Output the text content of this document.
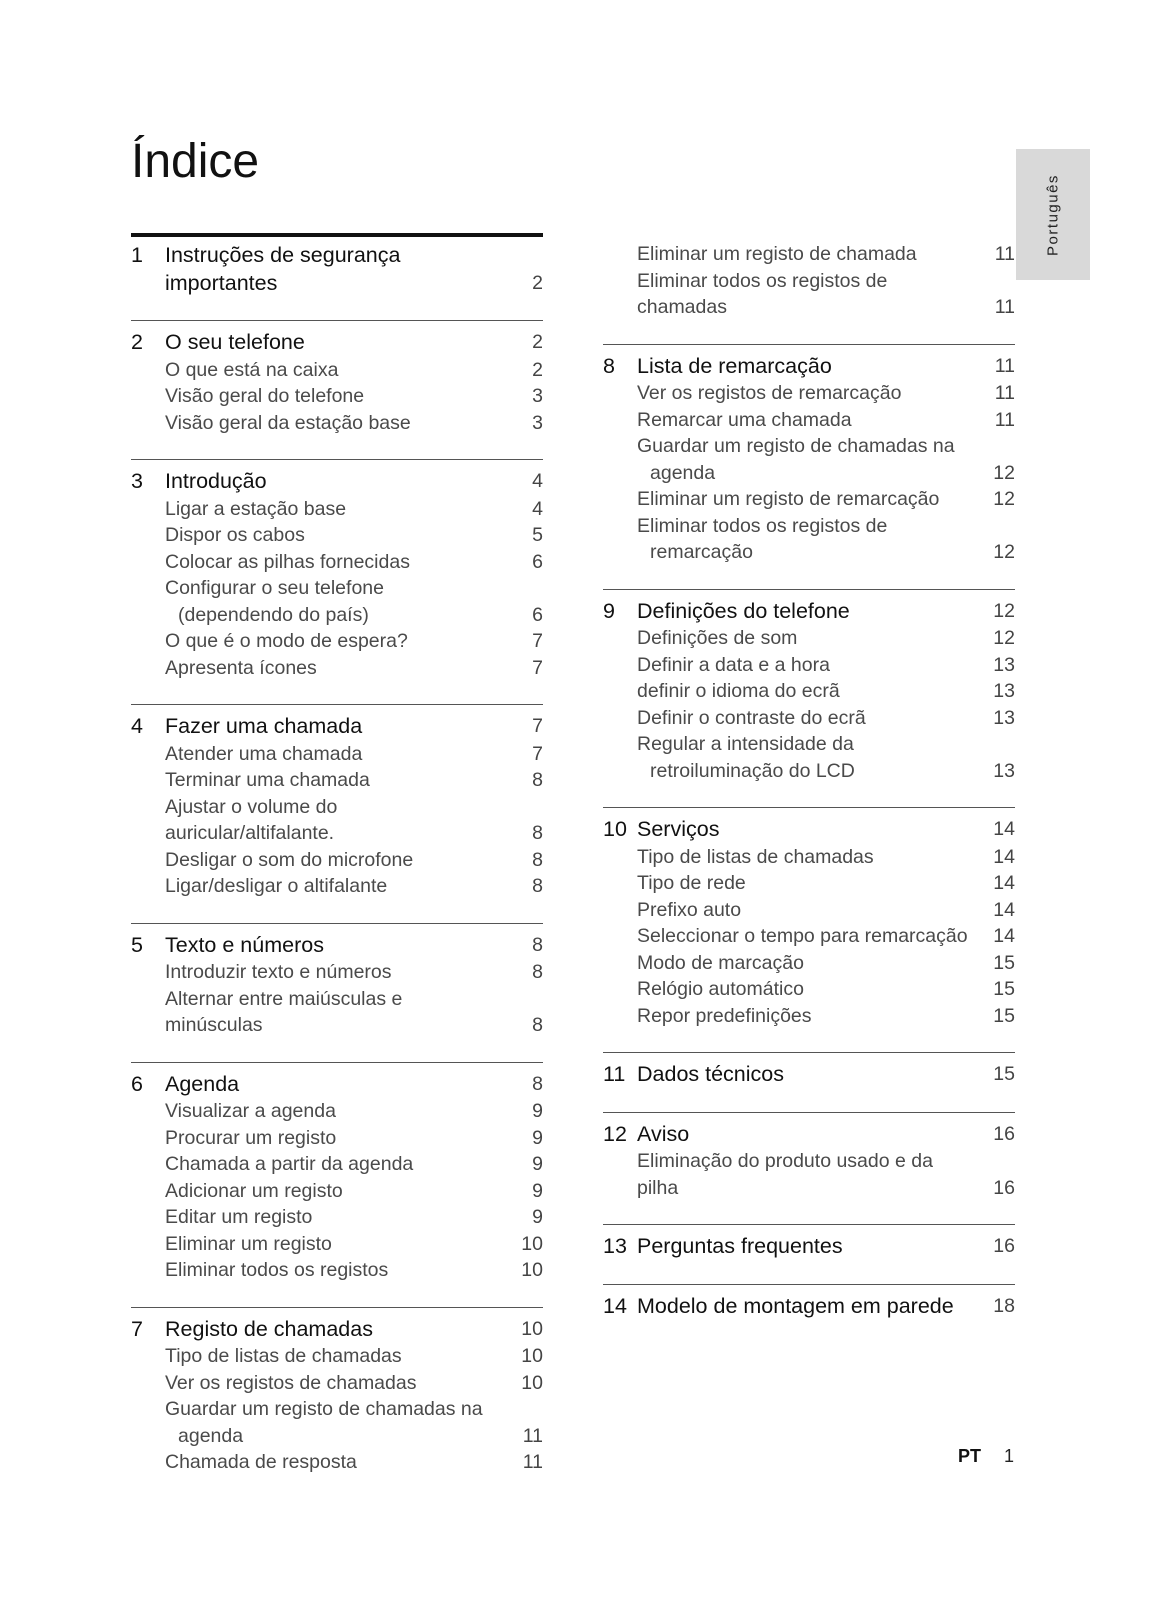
Índice
Português
1	Instruções de segurança
importantes	2
2	O seu telefone	2
O que está na caixa	2
Visão geral do telefone	3
Visão geral da estação base	3
3	Introdução	4
Ligar a estação base	4
Dispor os cabos	5
Colocar as pilhas fornecidas	6
Configurar o seu telefone
(dependendo do país)	6
O que é o modo de espera?	7
Apresenta ícones	7
4	Fazer uma chamada	7
Atender uma chamada	7
Terminar uma chamada	8
Ajustar o volume do auricular/altifalante.	8
Desligar o som do microfone	8
Ligar/desligar o altifalante	8
5	Texto e números	8
Introduzir texto e números	8
Alternar entre maiúsculas e minúsculas	8
6	Agenda	8
Visualizar a agenda	9
Procurar um registo	9
Chamada a partir da agenda	9
Adicionar um registo	9
Editar um registo	9
Eliminar um registo	10
Eliminar todos os registos	10
7	Registo de chamadas	10
Tipo de listas de chamadas	10
Ver os registos de chamadas	10
Guardar um registo de chamadas na
agenda	11
Chamada de resposta	11
Eliminar um registo de chamada	11
Eliminar todos os registos de chamadas	11
8	Lista de remarcação	11
Ver os registos de remarcação	11
Remarcar uma chamada	11
Guardar um registo de chamadas na
agenda	12
Eliminar um registo de remarcação	12
Eliminar todos os registos de
remarcação	12
9	Definições do telefone	12
Definições de som	12
Definir a data e a hora	13
definir o idioma do ecrã	13
Definir o contraste do ecrã	13
Regular a intensidade da
retroiluminação do LCD	13
10 Serviços	14
Tipo de listas de chamadas	14
Tipo de rede	14
Prefixo auto	14
Seleccionar o tempo para remarcação	14
Modo de marcação	15
Relógio automático	15
Repor predefinições	15
11 Dados técnicos	15
12 Aviso	16
Eliminação do produto usado e da pilha	16
13 Perguntas frequentes	16
14 Modelo de montagem em parede	18
PT 1
